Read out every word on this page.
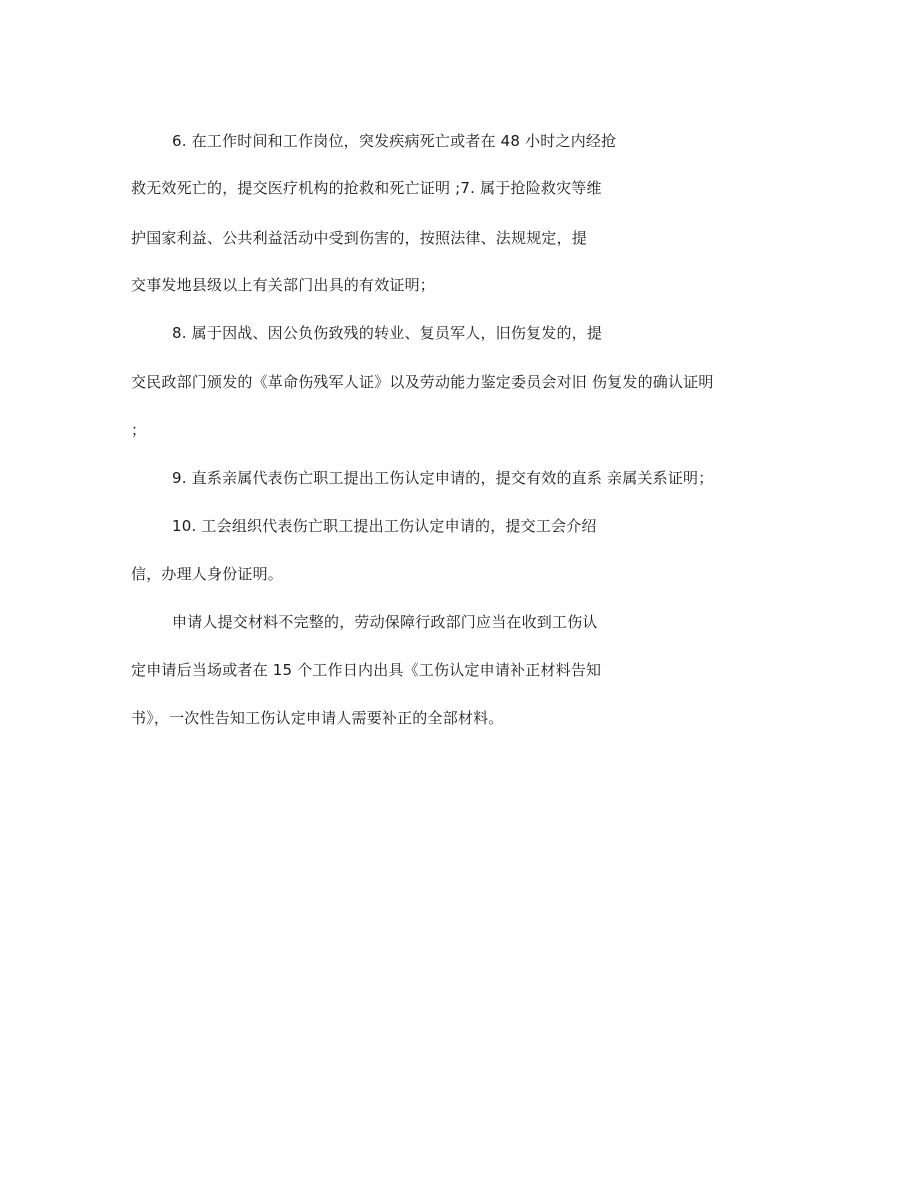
6. 在工作时间和工作岗位，突发疾病死亡或者在 48 小时之内经抢
救无效死亡的，提交医疗机构的抢救和死亡证明 ;7. 属于抢险救灾等维
护国家利益、公共利益活动中受到伤害的，按照法律、法规规定，提
交事发地县级以上有关部门出具的有效证明；
8. 属于因战、因公负伤致残的转业、复员军人，旧伤复发的，提
交民政部门颁发的《革命伤残军人证》以及劳动能力鉴定委员会对旧 伤复发的确认证明
；
9. 直系亲属代表伤亡职工提出工伤认定申请的，提交有效的直系 亲属关系证明；
10. 工会组织代表伤亡职工提出工伤认定申请的，提交工会介绍
信，办理人身份证明。
申请人提交材料不完整的，劳动保障行政部门应当在收到工伤认
定申请后当场或者在 15 个工作日内出具《工伤认定申请补正材料告知
书》，一次性告知工伤认定申请人需要补正的全部材料。
